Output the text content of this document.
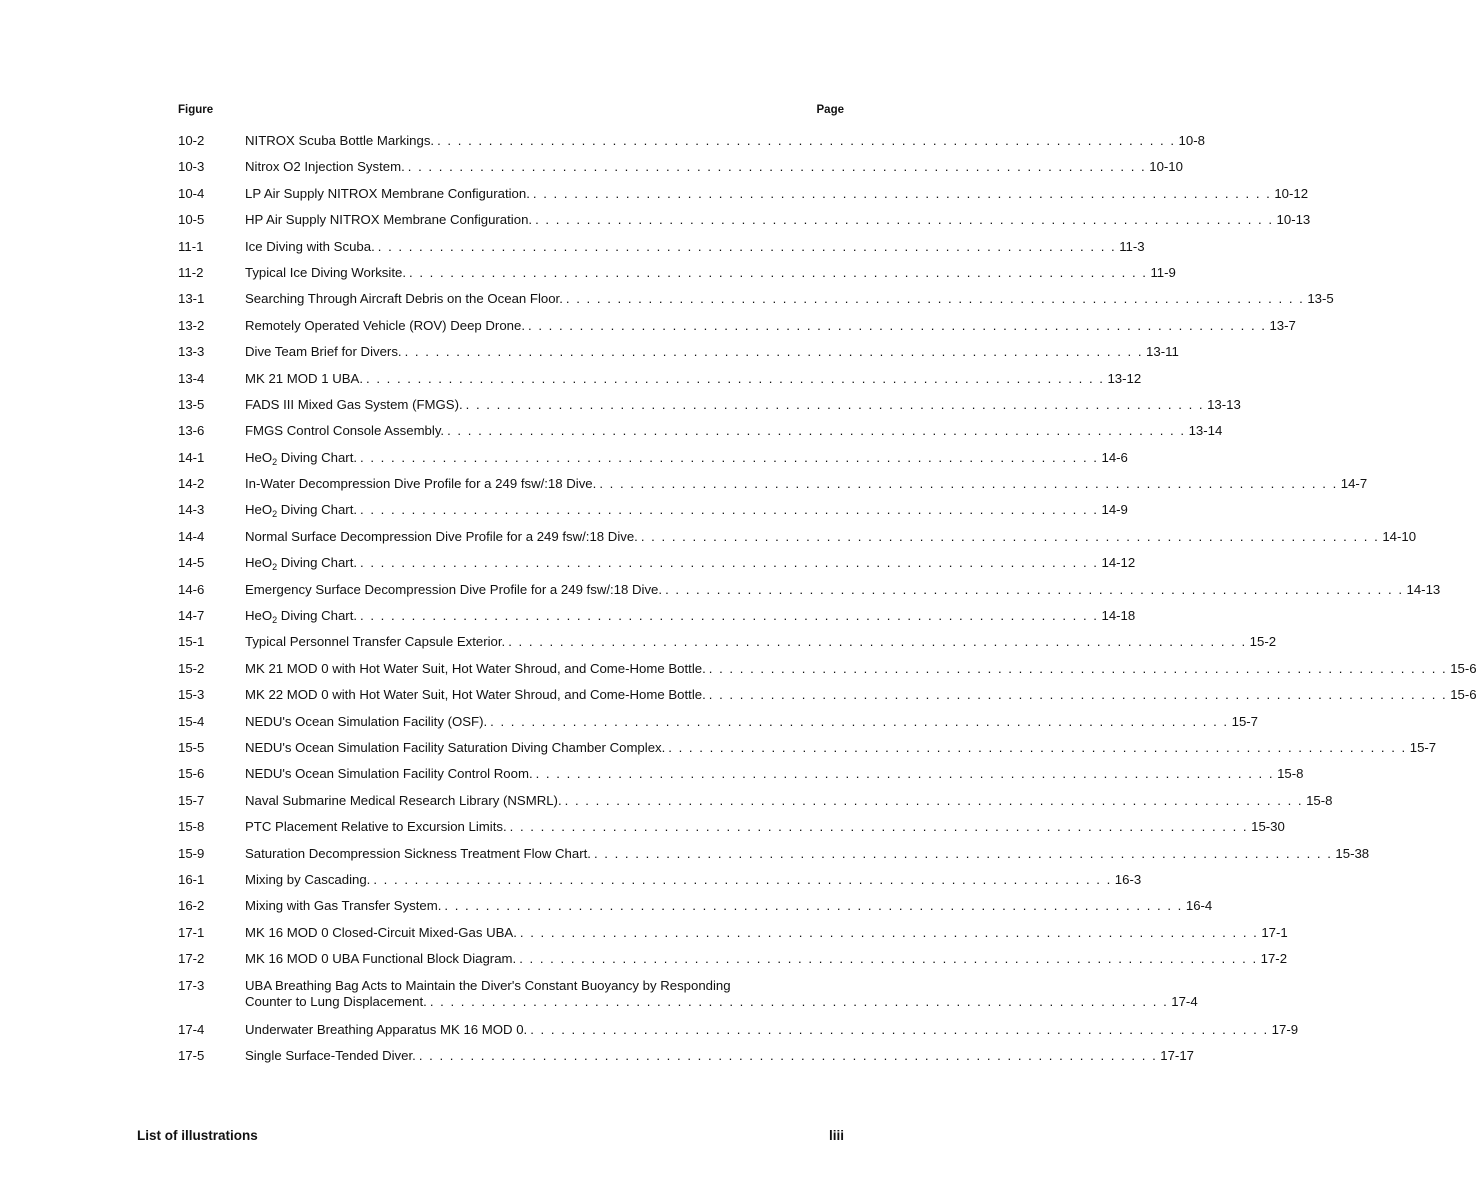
Figure	Page
10-2	NITROX Scuba Bottle Markings. . . . . . . . . . . . . . . . . . . . . . . . . . . . . . . . . . . . . . . . . . . . . . . . . . . . . . . . . . . . . . . . . . . . . . . . . 10-8
10-3	Nitrox O2 Injection System. . . . . . . . . . . . . . . . . . . . . . . . . . . . . . . . . . . . . . . . . . . . . . . . . . . . . . . . . . . . . . . . . . . . . . . . . 10-10
10-4	LP Air Supply NITROX Membrane Configuration. . . . . . . . . . . . . . . . . . . . . . . . . . . . . . . . . . . . . . . . . . . . . . . . . . . . . . . . . . . . . . . . . . . . . . . . . 10-12
10-5	HP Air Supply NITROX Membrane Configuration. . . . . . . . . . . . . . . . . . . . . . . . . . . . . . . . . . . . . . . . . . . . . . . . . . . . . . . . . . . . . . . . . . . . . . . . . 10-13
11-1	Ice Diving with Scuba. . . . . . . . . . . . . . . . . . . . . . . . . . . . . . . . . . . . . . . . . . . . . . . . . . . . . . . . . . . . . . . . . . . . . . . . . 11-3
11-2	Typical Ice Diving Worksite. . . . . . . . . . . . . . . . . . . . . . . . . . . . . . . . . . . . . . . . . . . . . . . . . . . . . . . . . . . . . . . . . . . . . . . . . 11-9
13-1	Searching Through Aircraft Debris on the Ocean Floor. . . . . . . . . . . . . . . . . . . . . . . . . . . . . . . . . . . . . . . . . . . . . . . . . . . . . . . . . . . . . . . . . . . . . . . . . 13-5
13-2	Remotely Operated Vehicle (ROV) Deep Drone. . . . . . . . . . . . . . . . . . . . . . . . . . . . . . . . . . . . . . . . . . . . . . . . . . . . . . . . . . . . . . . . . . . . . . . . . 13-7
13-3	Dive Team Brief for Divers. . . . . . . . . . . . . . . . . . . . . . . . . . . . . . . . . . . . . . . . . . . . . . . . . . . . . . . . . . . . . . . . . . . . . . . . . 13-11
13-4	MK 21 MOD 1 UBA. . . . . . . . . . . . . . . . . . . . . . . . . . . . . . . . . . . . . . . . . . . . . . . . . . . . . . . . . . . . . . . . . . . . . . . . . 13-12
13-5	FADS III Mixed Gas System (FMGS). . . . . . . . . . . . . . . . . . . . . . . . . . . . . . . . . . . . . . . . . . . . . . . . . . . . . . . . . . . . . . . . . . . . . . . . . 13-13
13-6	FMGS Control Console Assembly. . . . . . . . . . . . . . . . . . . . . . . . . . . . . . . . . . . . . . . . . . . . . . . . . . . . . . . . . . . . . . . . . . . . . . . . . 13-14
14-1	HeO$_2$ Diving Chart. . . . . . . . . . . . . . . . . . . . . . . . . . . . . . . . . . . . . . . . . . . . . . . . . . . . . . . . . . . . . . . . . . . . . . . . . 14-6
14-2	In-Water Decompression Dive Profile for a 249 fsw/:18 Dive. . . . . . . . . . . . . . . . . . . . . . . . . . . . . . . . . . . . . . . . . . . . . . . . . . . . . . . . . . . . . . . . . . . . . . . . . 14-7
14-3	HeO$_2$ Diving Chart. . . . . . . . . . . . . . . . . . . . . . . . . . . . . . . . . . . . . . . . . . . . . . . . . . . . . . . . . . . . . . . . . . . . . . . . . 14-9
14-4	Normal Surface Decompression Dive Profile for a 249 fsw/:18 Dive. . . . . . . . . . . . . . . . . . . . . . . . . . . . . . . . . . . . . . . . . . . . . . . . . . . . . . . . . . . . . . . . . . . . . . . . . 14-10
14-5	HeO$_2$ Diving Chart. . . . . . . . . . . . . . . . . . . . . . . . . . . . . . . . . . . . . . . . . . . . . . . . . . . . . . . . . . . . . . . . . . . . . . . . . 14-12
14-6	Emergency Surface Decompression Dive Profile for a 249 fsw/:18 Dive. . . . . . . . . . . . . . . . . . . . . . . . . . . . . . . . . . . . . . . . . . . . . . . . . . . . . . . . . . . . . . . . . . . . . . . . . 14-13
14-7	HeO$_2$ Diving Chart. . . . . . . . . . . . . . . . . . . . . . . . . . . . . . . . . . . . . . . . . . . . . . . . . . . . . . . . . . . . . . . . . . . . . . . . . 14-18
15-1	Typical Personnel Transfer Capsule Exterior. . . . . . . . . . . . . . . . . . . . . . . . . . . . . . . . . . . . . . . . . . . . . . . . . . . . . . . . . . . . . . . . . . . . . . . . . 15-2
15-2	MK 21 MOD 0 with Hot Water Suit, Hot Water Shroud, and Come-Home Bottle. . . . . . . . . . . . . . . . . . . . . . . . . . . . . . . . . . . . . . . . . . . . . . . . . . . . . . . . . . . . . . . . . . . . . . . . . 15-6
15-3	MK 22 MOD 0 with Hot Water Suit, Hot Water Shroud, and Come-Home Bottle. . . . . . . . . . . . . . . . . . . . . . . . . . . . . . . . . . . . . . . . . . . . . . . . . . . . . . . . . . . . . . . . . . . . . . . . . 15-6
15-4	NEDU's Ocean Simulation Facility (OSF). . . . . . . . . . . . . . . . . . . . . . . . . . . . . . . . . . . . . . . . . . . . . . . . . . . . . . . . . . . . . . . . . . . . . . . . . 15-7
15-5	NEDU's Ocean Simulation Facility Saturation Diving Chamber Complex. . . . . . . . . . . . . . . . . . . . . . . . . . . . . . . . . . . . . . . . . . . . . . . . . . . . . . . . . . . . . . . . . . . . . . . . . 15-7
15-6	NEDU's Ocean Simulation Facility Control Room. . . . . . . . . . . . . . . . . . . . . . . . . . . . . . . . . . . . . . . . . . . . . . . . . . . . . . . . . . . . . . . . . . . . . . . . . 15-8
15-7	Naval Submarine Medical Research Library (NSMRL). . . . . . . . . . . . . . . . . . . . . . . . . . . . . . . . . . . . . . . . . . . . . . . . . . . . . . . . . . . . . . . . . . . . . . . . . 15-8
15-8	PTC Placement Relative to Excursion Limits. . . . . . . . . . . . . . . . . . . . . . . . . . . . . . . . . . . . . . . . . . . . . . . . . . . . . . . . . . . . . . . . . . . . . . . . . 15-30
15-9	Saturation Decompression Sickness Treatment Flow Chart. . . . . . . . . . . . . . . . . . . . . . . . . . . . . . . . . . . . . . . . . . . . . . . . . . . . . . . . . . . . . . . . . . . . . . . . . 15-38
16-1	Mixing by Cascading. . . . . . . . . . . . . . . . . . . . . . . . . . . . . . . . . . . . . . . . . . . . . . . . . . . . . . . . . . . . . . . . . . . . . . . . . 16-3
16-2	Mixing with Gas Transfer System. . . . . . . . . . . . . . . . . . . . . . . . . . . . . . . . . . . . . . . . . . . . . . . . . . . . . . . . . . . . . . . . . . . . . . . . . 16-4
17-1	MK 16 MOD 0 Closed-Circuit Mixed-Gas UBA. . . . . . . . . . . . . . . . . . . . . . . . . . . . . . . . . . . . . . . . . . . . . . . . . . . . . . . . . . . . . . . . . . . . . . . . . 17-1
17-2	MK 16 MOD 0 UBA Functional Block Diagram. . . . . . . . . . . . . . . . . . . . . . . . . . . . . . . . . . . . . . . . . . . . . . . . . . . . . . . . . . . . . . . . . . . . . . . . . 17-2
17-3	UBA Breathing Bag Acts to Maintain the Diver's Constant Buoyancy by Responding
Counter to Lung Displacement. . . . . . . . . . . . . . . . . . . . . . . . . . . . . . . . . . . . . . . . . . . . . . . . . . . . . . . . . . . . . . . . . . . . . . . . . 17-4
17-4	Underwater Breathing Apparatus MK 16 MOD 0. . . . . . . . . . . . . . . . . . . . . . . . . . . . . . . . . . . . . . . . . . . . . . . . . . . . . . . . . . . . . . . . . . . . . . . . . 17-9
17-5	Single Surface-Tended Diver. . . . . . . . . . . . . . . . . . . . . . . . . . . . . . . . . . . . . . . . . . . . . . . . . . . . . . . . . . . . . . . . . . . . . . . . . 17-17
List of illustrations	liii
